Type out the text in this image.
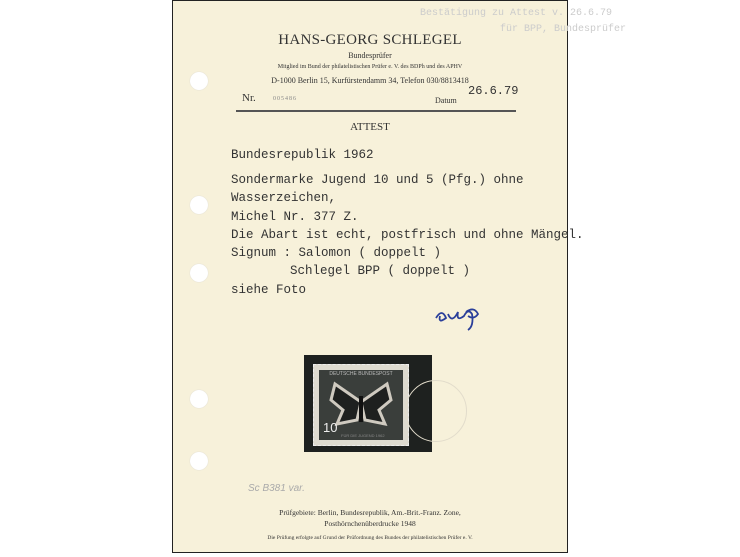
Bestätigung zu Attest v. 26.6.79
für BPP, Bundesprüfer
HANS-GEORG SCHLEGEL
Bundesprüfer
Mitglied im Bund der philatelistischen Prüfer e. V. des BDPh und des APHV
D-1000 Berlin 15, Kurfürstendamm 34, Telefon 030/8813418
Nr.	005486	Datum
26.6.79
ATTEST
Bundesrepublik 1962
Sondermarke Jugend 10 und 5 (Pfg.) ohne
Wasserzeichen,
Michel Nr. 377 Z.
Die Abart ist echt, postfrisch und ohne Mängel.
Signum : Salomon ( doppelt )
Schlegel BPP ( doppelt )
siehe Foto
DEUTSCHE BUNDESPOST
10
FÜR DIE JUGEND 1962
Sc B381 var.
Prüfgebiete: Berlin, Bundesrepublik, Am.-Brit.-Franz. Zone,
Posthörnchenüberdrucke 1948
Die Prüfung erfolgte auf Grund der Prüfordnung des Bundes der philatelistischen Prüfer e. V.
